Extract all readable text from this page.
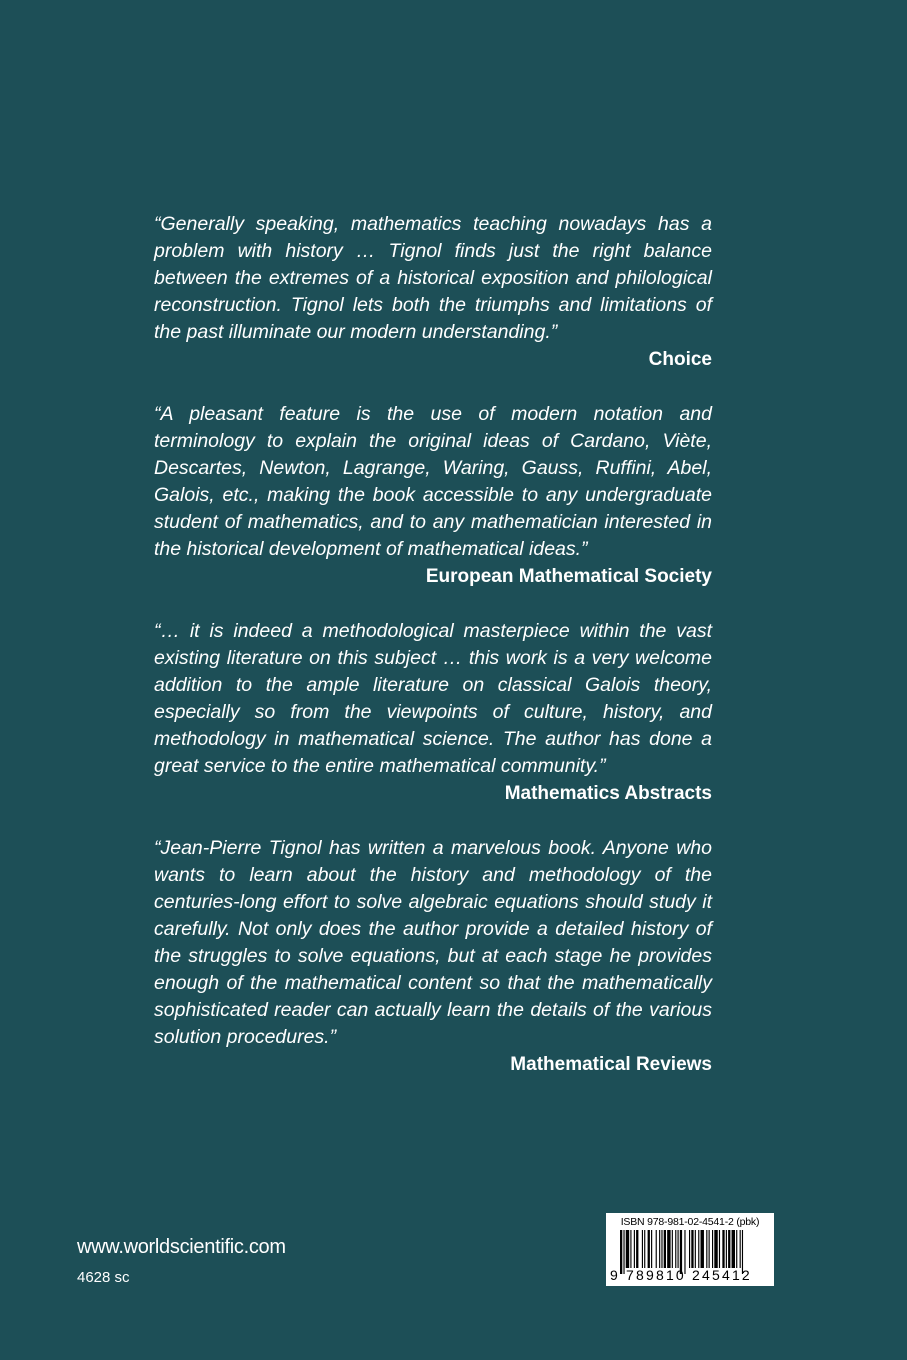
“Generally speaking, mathematics teaching nowadays has a problem with history … Tignol finds just the right balance between the extremes of a historical exposition and philological reconstruction. Tignol lets both the triumphs and limitations of the past illuminate our modern understanding.”

Choice

“A pleasant feature is the use of modern notation and terminology to explain the original ideas of Cardano, Viète, Descartes, Newton, Lagrange, Waring, Gauss, Ruffini, Abel, Galois, etc., making the book accessible to any undergraduate student of mathematics, and to any mathematician interested in the historical development of mathematical ideas.”

European Mathematical Society

“… it is indeed a methodological masterpiece within the vast existing literature on this subject … this work is a very welcome addition to the ample literature on classical Galois theory, especially so from the viewpoints of culture, history, and methodology in mathematical science. The author has done a great service to the entire mathematical community.”

Mathematics Abstracts

“Jean-Pierre Tignol has written a marvelous book. Anyone who wants to learn about the history and methodology of the centuries-long effort to solve algebraic equations should study it carefully. Not only does the author provide a detailed history of the struggles to solve equations, but at each stage he provides enough of the mathematical content so that the mathematically sophisticated reader can actually learn the details of the various solution procedures.”

Mathematical Reviews

www.worldscientific.com
4628 sc
ISBN 978-981-02-4541-2 (pbk)
9 789810 245412
